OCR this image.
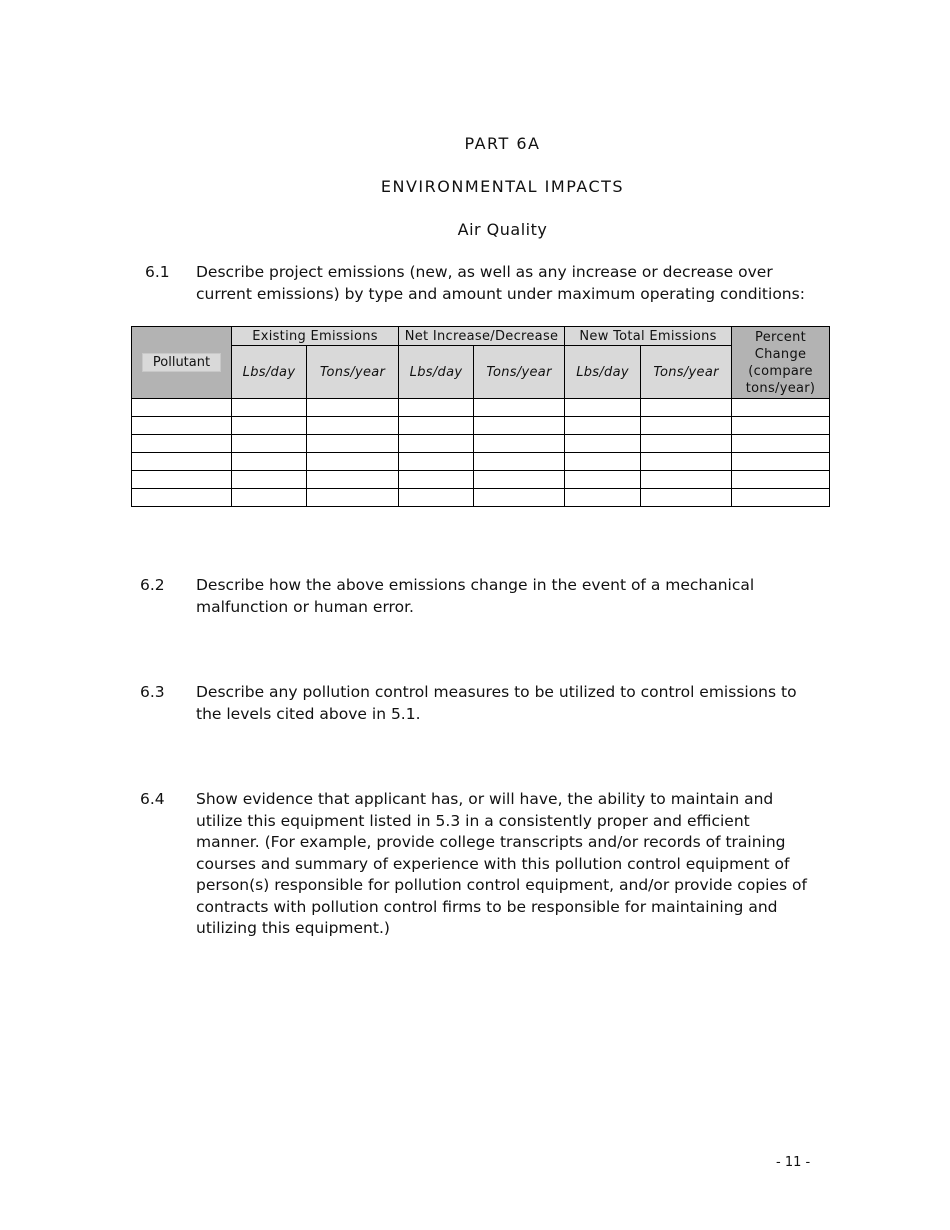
PART 6A
ENVIRONMENTAL IMPACTS
Air Quality
6.1 Describe project emissions (new, as well as any increase or decrease over current emissions) by type and amount under maximum operating conditions:
Pollutant	Existing Emissions		Net Increase/Decrease		New Total Emissions		Percent Change (compare tons/year)
	Lbs/day	Tons/year	Lbs/day	Tons/year	Lbs/day	Tons/year	

6.2 Describe how the above emissions change in the event of a mechanical malfunction or human error.
6.3 Describe any pollution control measures to be utilized to control emissions to the levels cited above in 5.1.
6.4 Show evidence that applicant has, or will have, the ability to maintain and utilize this equipment listed in 5.3 in a consistently proper and efficient manner. (For example, provide college transcripts and/or records of training courses and summary of experience with this pollution control equipment of person(s) responsible for pollution control equipment, and/or provide copies of contracts with pollution control firms to be responsible for maintaining and utilizing this equipment.)

- 11 -
